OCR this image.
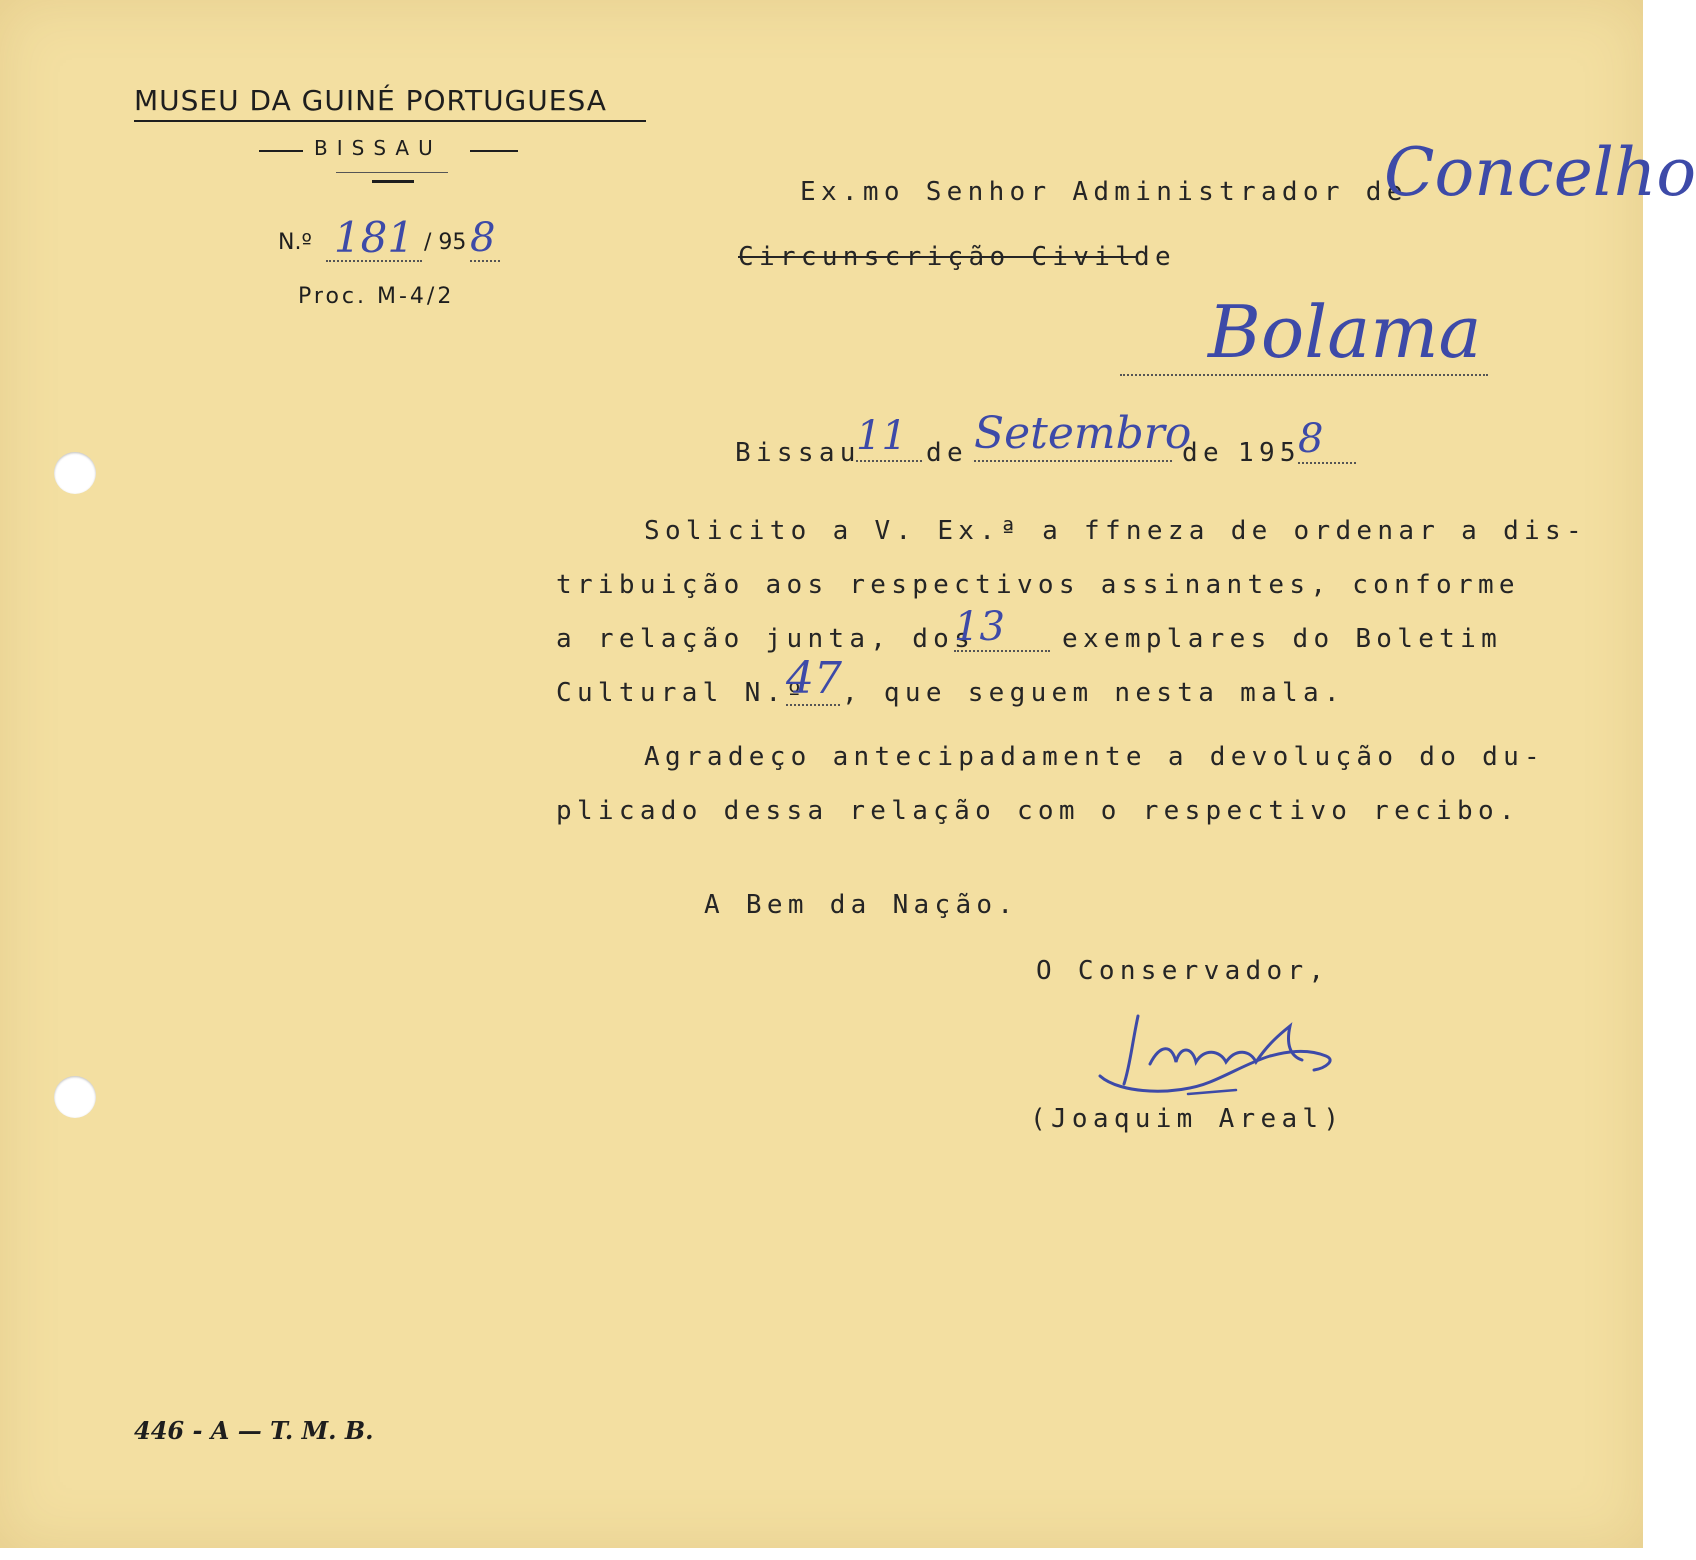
MUSEU DA GUINÉ PORTUGUESA
BISSAU
N.º 181 / 95 8
Proc. M-4/2
Ex.mo Senhor Administrador de
Concelho
Circunscrição Civil
de
Bolama
Bissau
11 de Setembro
de 195
8
Solicito a V. Ex.ª a ffneza de ordenar a dis-
tribuição aos respectivos assinantes, conforme
a relação junta, dos
13	exemplares do Boletim
Cultural N.º
47 , que seguem nesta mala.
Agradeço antecipadamente a devolução do du-
plicado dessa relação com o respectivo recibo.
A Bem da Nação.
O Conservador,
(Joaquim Areal)
446 - A — T. M. B.
